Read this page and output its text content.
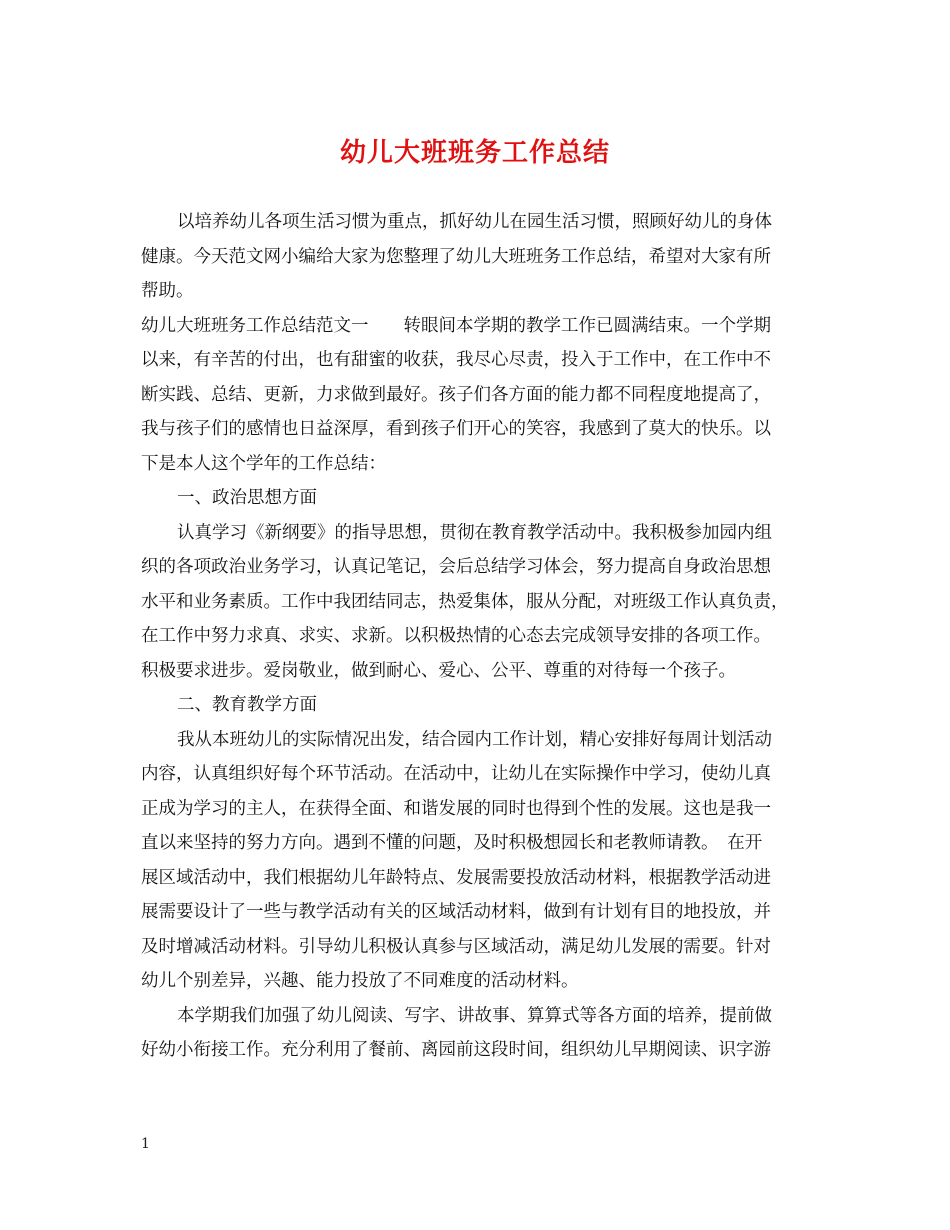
幼儿大班班务工作总结
以培养幼儿各项生活习惯为重点，抓好幼儿在园生活习惯，照顾好幼儿的身体
健康。今天范文网小编给大家为您整理了幼儿大班班务工作总结，希望对大家有所
帮助。
幼儿大班班务工作总结范文一　　转眼间本学期的教学工作已圆满结束。一个学期
以来，有辛苦的付出，也有甜蜜的收获，我尽心尽责，投入于工作中，在工作中不
断实践、总结、更新，力求做到最好。孩子们各方面的能力都不同程度地提高了，
我与孩子们的感情也日益深厚，看到孩子们开心的笑容，我感到了莫大的快乐。以
下是本人这个学年的工作总结：
一、政治思想方面
认真学习《新纲要》的指导思想，贯彻在教育教学活动中。我积极参加园内组
织的各项政治业务学习，认真记笔记，会后总结学习体会，努力提高自身政治思想
水平和业务素质。工作中我团结同志，热爱集体，服从分配，对班级工作认真负责，
在工作中努力求真、求实、求新。以积极热情的心态去完成领导安排的各项工作。
积极要求进步。爱岗敬业，做到耐心、爱心、公平、尊重的对待每一个孩子。
二、教育教学方面
我从本班幼儿的实际情况出发，结合园内工作计划，精心安排好每周计划活动
内容，认真组织好每个环节活动。在活动中，让幼儿在实际操作中学习，使幼儿真
正成为学习的主人，在获得全面、和谐发展的同时也得到个性的发展。这也是我一
直以来坚持的努力方向。遇到不懂的问题，及时积极想园长和老教师请教。　在开
展区域活动中，我们根据幼儿年龄特点、发展需要投放活动材料，根据教学活动进
展需要设计了一些与教学活动有关的区域活动材料，做到有计划有目的地投放，并
及时增减活动材料。引导幼儿积极认真参与区域活动，满足幼儿发展的需要。针对
幼儿个别差异，兴趣、能力投放了不同难度的活动材料。
本学期我们加强了幼儿阅读、写字、讲故事、算算式等各方面的培养，提前做
好幼小衔接工作。充分利用了餐前、离园前这段时间，组织幼儿早期阅读、识字游
1
